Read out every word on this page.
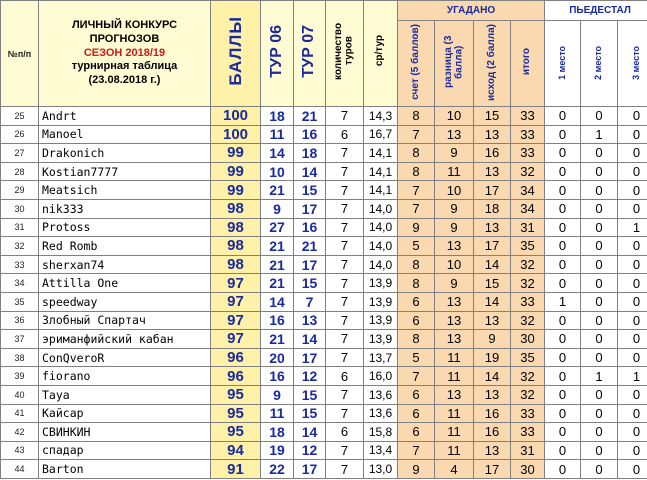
№п/п	ЛИЧНЫЙ КОНКУРС
ПРОГНОЗОВ
СЕЗОН 2018/19
турнирная таблица
(23.08.2018 г.)	БАЛЛЫ	ТУР 06	ТУР 07	количество туров	ср/тур	УГАДАНО				ПЬЕДЕСТАЛ		
							счет (5 баллов)	разница (3 балла)	исход (2 балла)	итого	1 место	2 место	3 место
25	Andrt	100	18	21	7	14,3	8	10	15	33	0	0	0
26	Manoel	100	11	16	6	16,7	7	13	13	33	0	1	0
27	Drakonich	99	14	18	7	14,1	8	9	16	33	0	0	0
28	Kostian7777	99	10	14	7	14,1	8	11	13	32	0	0	0
29	Meatsich	99	21	15	7	14,1	7	10	17	34	0	0	0
30	nik333	98	9	17	7	14,0	7	9	18	34	0	0	0
31	Protoss	98	27	16	7	14,0	9	9	13	31	0	0	1
32	Red Romb	98	21	21	7	14,0	5	13	17	35	0	0	0
33	sherxan74	98	21	17	7	14,0	8	10	14	32	0	0	0
34	Attilla One	97	21	15	7	13,9	8	9	15	32	0	0	0
35	speedway	97	14	7	7	13,9	6	13	14	33	1	0	0
36	Злобный Спартач	97	16	13	7	13,9	6	13	13	32	0	0	0
37	эриманфийский кабан	97	21	14	7	13,9	8	13	9	30	0	0	0
38	ConQveroR	96	20	17	7	13,7	5	11	19	35	0	0	0
39	fiorano	96	16	12	6	16,0	7	11	14	32	0	1	1
40	Taya	95	9	15	7	13,6	6	13	13	32	0	0	0
41	Кайсар	95	11	15	7	13,6	6	11	16	33	0	0	0
42	СВИНКИН	95	18	14	6	15,8	6	11	16	33	0	0	0
43	спадар	94	19	12	7	13,4	7	11	13	31	0	0	0
44	Barton	91	22	17	7	13,0	9	4	17	30	0	0	0
